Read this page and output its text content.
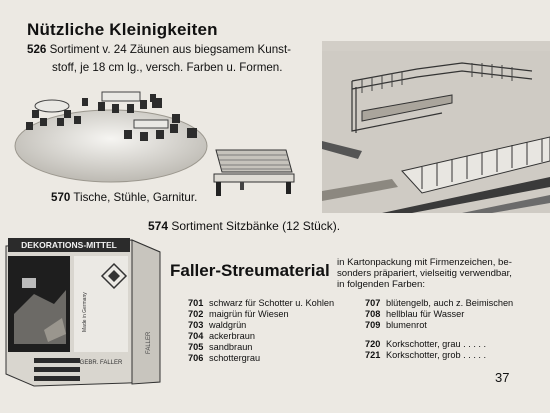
Nützliche Kleinigkeiten
526 Sortiment v. 24 Zäunen aus biegsamem Kunst-
stoff, je 18 cm lg., versch. Farben u. Formen.
570 Tische, Stühle, Garnitur.
574 Sortiment Sitzbänke (12 Stück).
DEKORATIONS-MITTEL
Made in Germany
GEBR. FALLER
FALLER
Faller-Streumaterial in Kartonpackung mit Firmenzeichen, be-
sonders präpariert, vielseitig verwendbar,
in folgenden Farben:
701 schwarz für Schotter u. Kohlen
702 maigrün für Wiesen
703 waldgrün
704 ackerbraun
705 sandbraun
706 schottergrau
707 blütengelb, auch z. Beimischen
708 hellblau für Wasser
709 blumenrot
720 Korkschotter, grau . . . . .
721 Korkschotter, grob . . . . .
37
